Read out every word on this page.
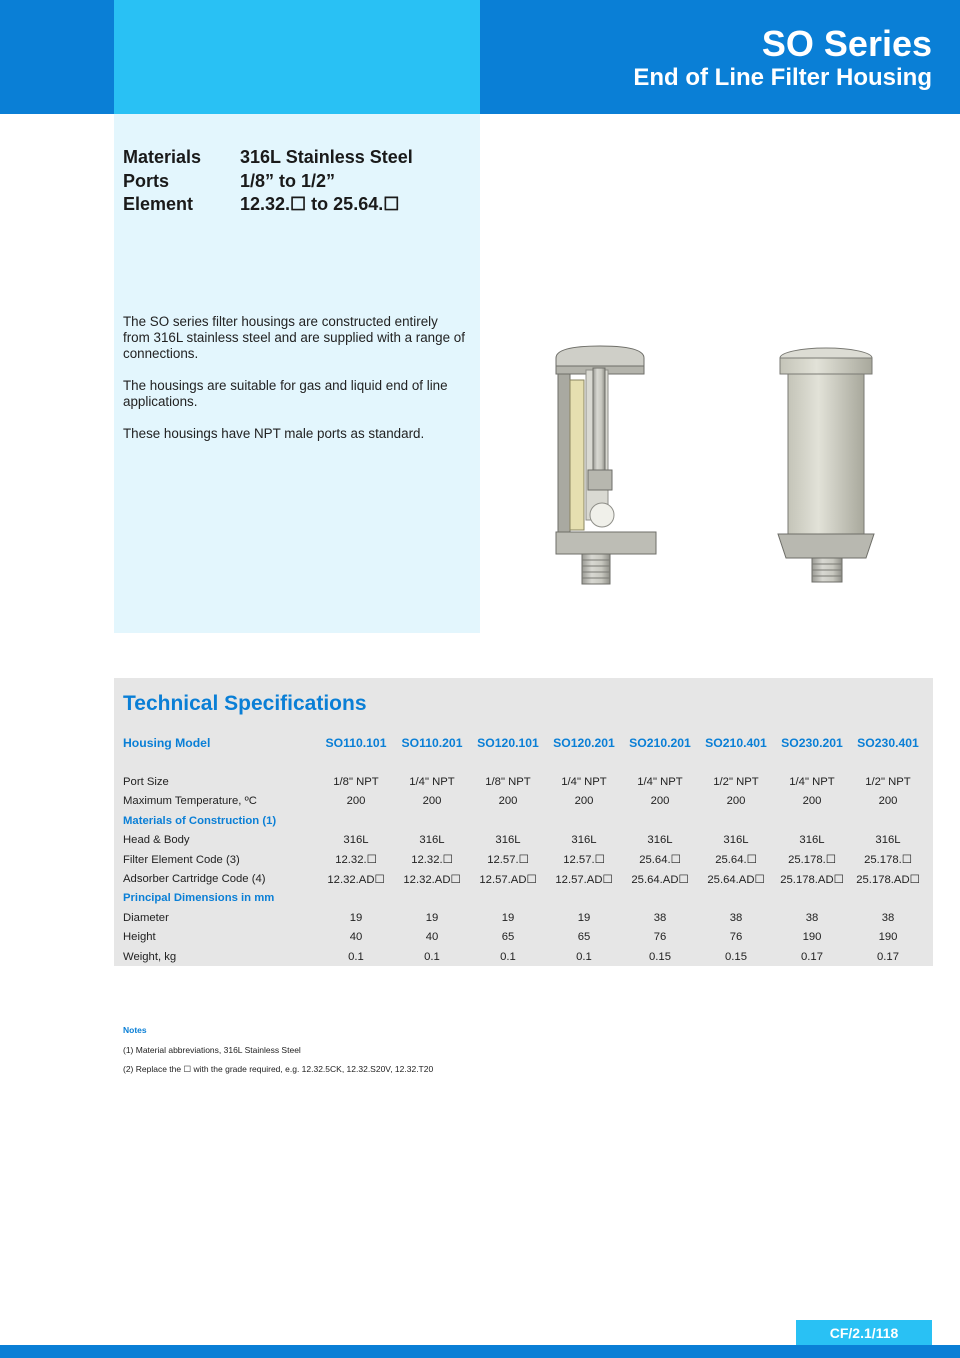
SO Series
End of Line Filter Housing
Materials	316L Stainless Steel
Ports	1/8” to 1/2”
Element	12.32.☐ to 25.64.☐

The SO series filter housings are constructed entirely from 316L stainless steel and are supplied with a range of connections.

The housings are suitable for gas and liquid end of line applications.

These housings have NPT male ports as standard.

Technical Specifications
Housing Model	SO110.101	SO110.201	SO120.101	SO120.201	SO210.201	SO210.401	SO230.201	SO230.401

Port Size	1/8" NPT	1/4" NPT	1/8" NPT	1/4" NPT	1/4" NPT	1/2" NPT	1/4" NPT	1/2" NPT
Maximum Temperature, ºC	200	200	200	200	200	200	200	200
Materials of Construction (1)								
Head & Body	316L	316L	316L	316L	316L	316L	316L	316L
Filter Element Code (3)	12.32.☐	12.32.☐	12.57.☐	12.57.☐	25.64.☐	25.64.☐	25.178.☐	25.178.☐
Adsorber Cartridge Code (4)	12.32.AD☐	12.32.AD☐	12.57.AD☐	12.57.AD☐	25.64.AD☐	25.64.AD☐	25.178.AD☐	25.178.AD☐
Principal Dimensions in mm								
Diameter	19	19	19	19	38	38	38	38
Height	40	40	65	65	76	76	190	190
Weight, kg	0.1	0.1	0.1	0.1	0.15	0.15	0.17	0.17
Notes
(1) Material abbreviations, 316L Stainless Steel
(2) Replace the ☐ with the grade required, e.g. 12.32.5CK, 12.32.S20V, 12.32.T20
CF/2.1/118
